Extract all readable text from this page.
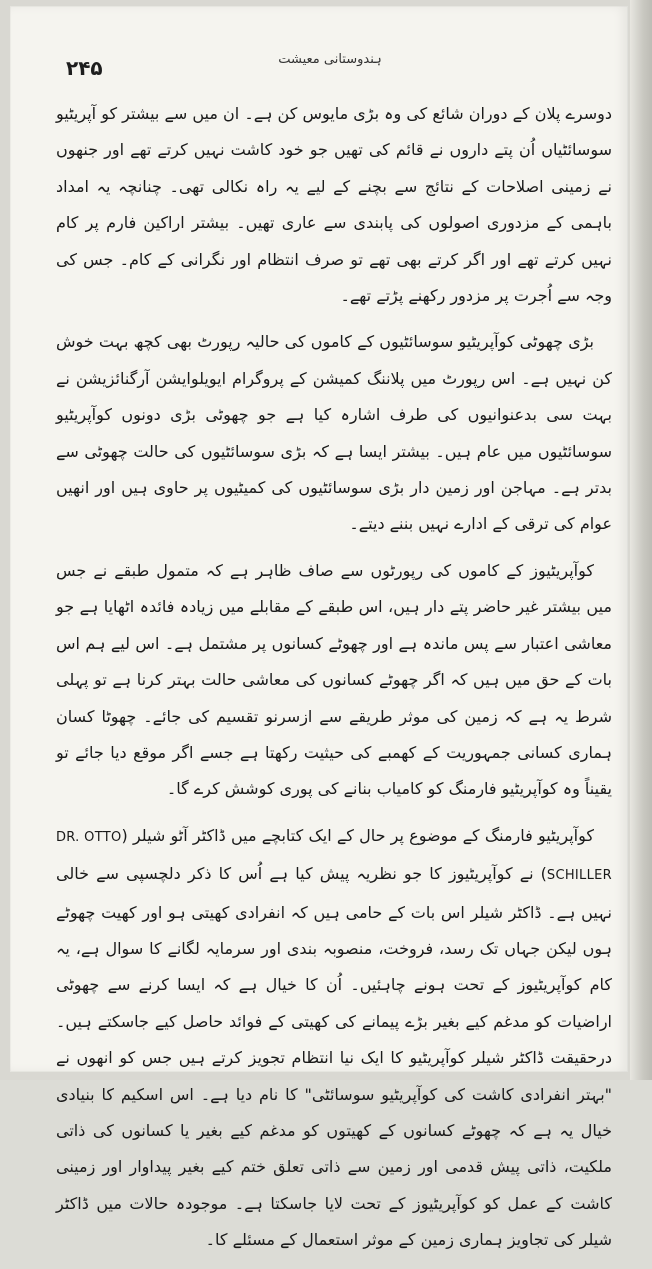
۲۴۵	ہندوستانی معیشت

دوسرے پلان کے دوران شائع کی وہ بڑی مایوس کن ہے۔ ان میں سے بیشتر کو آپریٹیو سوسائٹیاں اُن پتے داروں نے قائم کی تھیں جو خود کاشت نہیں کرتے تھے اور جنھوں نے زمینی اصلاحات کے نتائج سے بچنے کے لیے یہ راہ نکالی تھی۔ چنانچہ یہ امداد باہمی کے مزدوری اصولوں کی پابندی سے عاری تھیں۔ بیشتر اراکین فارم پر کام نہیں کرتے تھے اور اگر کرتے بھی تھے تو صرف انتظام اور نگرانی کے کام۔ جس کی وجہ سے اُجرت پر مزدور رکھنے پڑتے تھے۔

بڑی چھوٹی کوآپریٹیو سوسائٹیوں کے کاموں کی حالیہ رپورٹ بھی کچھ بہت خوش کن نہیں ہے۔ اس رپورٹ میں پلاننگ کمیشن کے پروگرام ایویلوایشن آرگنائزیشن نے بہت سی بدعنوانیوں کی طرف اشارہ کیا ہے جو چھوٹی بڑی دونوں کوآپریٹیو سوسائٹیوں میں عام ہیں۔ بیشتر ایسا ہے کہ بڑی سوسائٹیوں کی حالت چھوٹی سے بدتر ہے۔ مہاجن اور زمین دار بڑی سوسائٹیوں کی کمیٹیوں پر حاوی ہیں اور انھیں عوام کی ترقی کے ادارے نہیں بننے دیتے۔

کوآپریٹیوز کے کاموں کی رپورٹوں سے صاف ظاہر ہے کہ متمول طبقے نے جس میں بیشتر غیر حاضر پتے دار ہیں، اس طبقے کے مقابلے میں زیادہ فائدہ اٹھایا ہے جو معاشی اعتبار سے پس ماندہ ہے اور چھوٹے کسانوں پر مشتمل ہے۔ اس لیے ہم اس بات کے حق میں ہیں کہ اگر چھوٹے کسانوں کی معاشی حالت بہتر کرنا ہے تو پہلی شرط یہ ہے کہ زمین کی موثر طریقے سے ازسرنو تقسیم کی جائے۔ چھوٹا کسان ہماری کسانی جمہوریت کے کھمبے کی حیثیت رکھتا ہے جسے اگر موقع دیا جائے تو یقیناً وہ کوآپریٹیو فارمنگ کو کامیاب بنانے کی پوری کوشش کرے گا۔

کوآپریٹیو فارمنگ کے موضوع پر حال کے ایک کتابچے میں ڈاکٹر آٹو شیلر (DR. OTTO SCHILLER) نے کوآپریٹیوز کا جو نظریہ پیش کیا ہے اُس کا ذکر دلچسپی سے خالی نہیں ہے۔ ڈاکٹر شیلر اس بات کے حامی ہیں کہ انفرادی کھیتی ہو اور کھیت چھوٹے ہوں لیکن جہاں تک رسد، فروخت، منصوبہ بندی اور سرمایہ لگانے کا سوال ہے، یہ کام کوآپریٹیوز کے تحت ہونے چاہئیں۔ اُن کا خیال ہے کہ ایسا کرنے سے چھوٹی اراضیات کو مدغم کیے بغیر بڑے پیمانے کی کھیتی کے فوائد حاصل کیے جاسکتے ہیں۔ درحقیقت ڈاکٹر شیلر کوآپریٹیو کا ایک نیا انتظام تجویز کرتے ہیں جس کو انھوں نے "بہتر انفرادی کاشت کی کوآپریٹیو سوسائٹی" کا نام دیا ہے۔ اس اسکیم کا بنیادی خیال یہ ہے کہ چھوٹے کسانوں کے کھیتوں کو مدغم کیے بغیر یا کسانوں کی ذاتی ملکیت، ذاتی پیش قدمی اور زمین سے ذاتی تعلق ختم کیے بغیر پیداوار اور زمینی کاشت کے عمل کو کوآپریٹیوز کے تحت لایا جاسکتا ہے۔ موجودہ حالات میں ڈاکٹر شیلر کی تجاویز ہماری زمین کے موثر استعمال کے مسئلے کا۔
